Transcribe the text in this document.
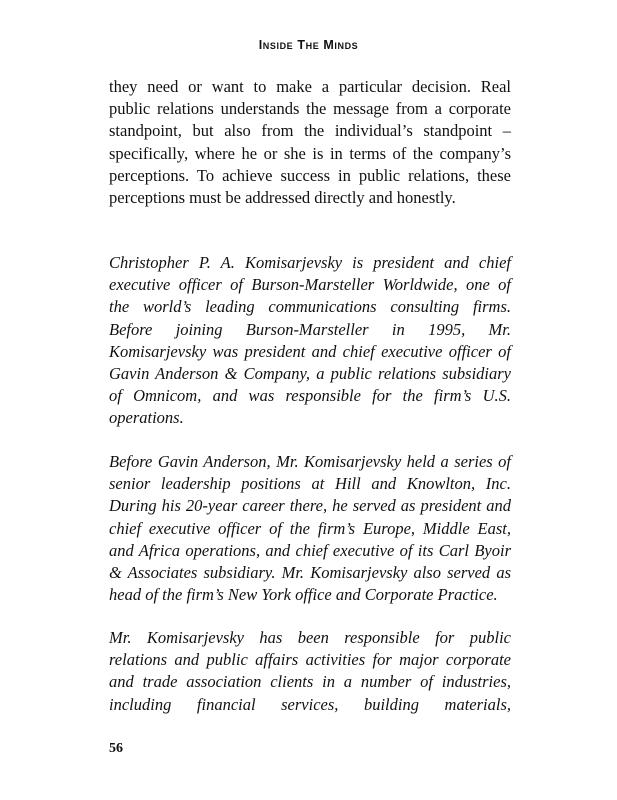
Inside The Minds
they need or want to make a particular decision. Real
public relations understands the message from a corporate
standpoint, but also from the individual’s standpoint –
specifically, where he or she is in terms of the company’s
perceptions. To achieve success in public relations, these
perceptions must be addressed directly and honestly.
Christopher P. A. Komisarjevsky is president and chief
executive officer of Burson-Marsteller Worldwide, one of
the world’s leading communications consulting firms.
Before joining Burson-Marsteller in 1995, Mr.
Komisarjevsky was president and chief executive officer of
Gavin Anderson & Company, a public relations subsidiary
of Omnicom, and was responsible for the firm’s U.S.
operations.
Before Gavin Anderson, Mr. Komisarjevsky held a series of
senior leadership positions at Hill and Knowlton, Inc.
During his 20-year career there, he served as president and
chief executive officer of the firm’s Europe, Middle East,
and Africa operations, and chief executive of its Carl Byoir
& Associates subsidiary. Mr. Komisarjevsky also served as
head of the firm’s New York office and Corporate Practice.
Mr. Komisarjevsky has been responsible for public
relations and public affairs activities for major corporate
and trade association clients in a number of industries,
including financial services, building materials,
56
